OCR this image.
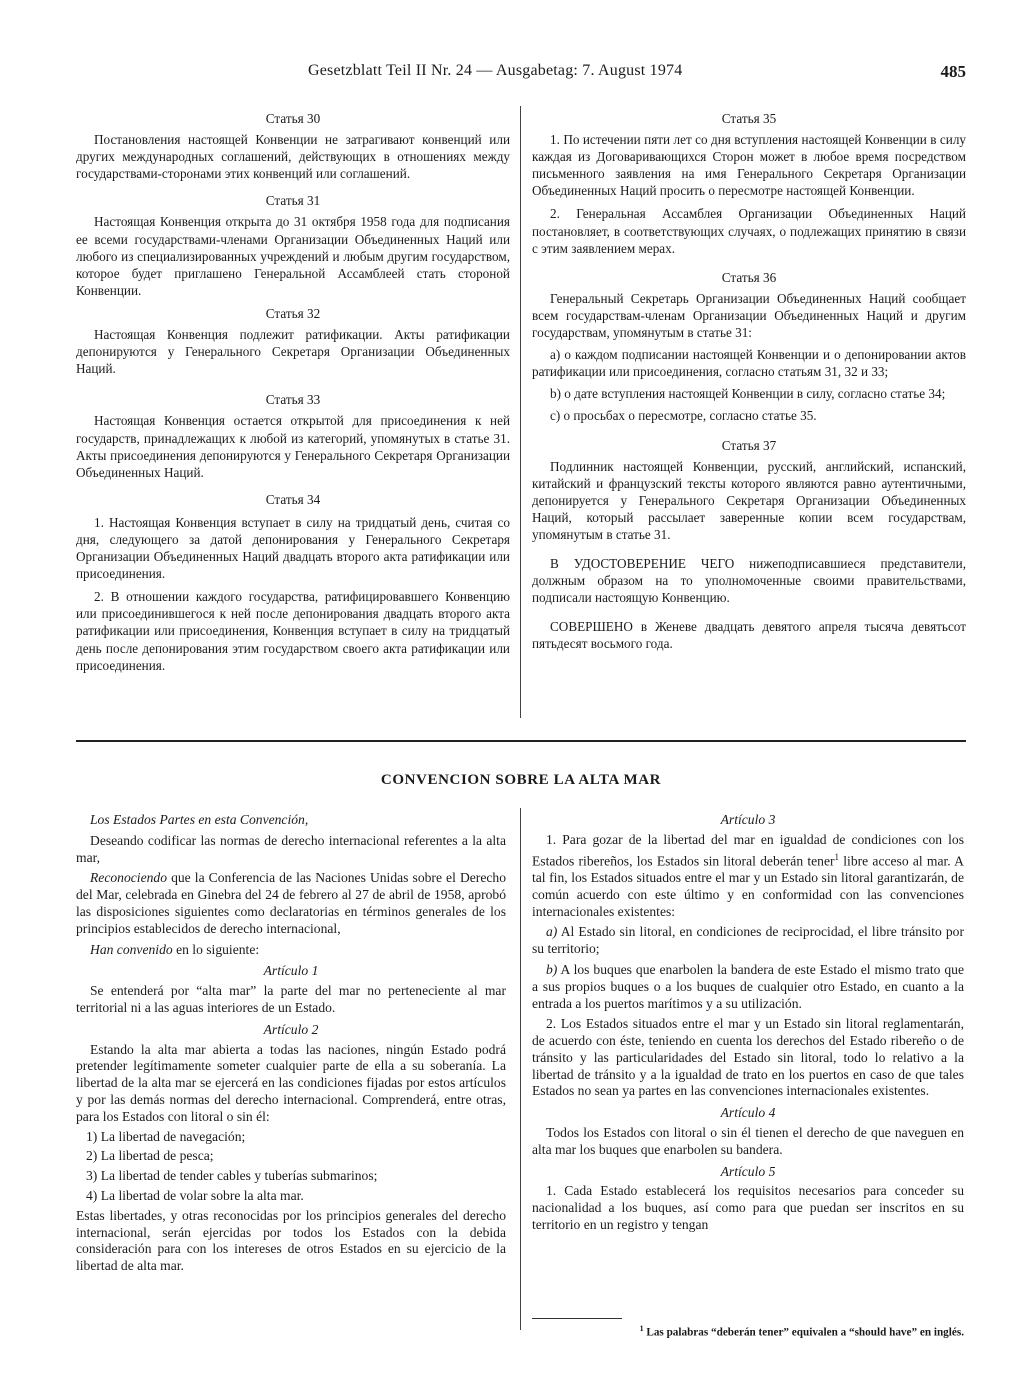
Gesetzblatt Teil II Nr. 24 — Ausgabetag: 7. August 1974	485

Статья 30

Постановления настоящей Конвенции не затрагивают конвенций или других международных соглашений, действующих в отношениях между государствами-сторонами этих конвенций или соглашений.

Статья 31

Настоящая Конвенция открыта до 31 октября 1958 года для подписания ее всеми государствами-членами Организации Объединенных Наций или любого из специализированных учреждений и любым другим государством, которое будет приглашено Генеральной Ассамблеей стать стороной Конвенции.

Статья 32

Настоящая Конвенция подлежит ратификации. Акты ратификации депонируются у Генерального Секретаря Организации Объединенных Наций.

Статья 33

Настоящая Конвенция остается открытой для присоединения к ней государств, принадлежащих к любой из категорий, упомянутых в статье 31. Акты присоединения депонируются у Генерального Секретаря Организации Объединенных Наций.

Статья 34

1. Настоящая Конвенция вступает в силу на тридцатый день, считая со дня, следующего за датой депонирования у Генерального Секретаря Организации Объединенных Наций двадцать второго акта ратификации или присоединения.

2. В отношении каждого государства, ратифицировавшего Конвенцию или присоединившегося к ней после депонирования двадцать второго акта ратификации или присоединения, Конвенция вступает в силу на тридцатый день после депонирования этим государством своего акта ратификации или присоединения.

Статья 35

1. По истечении пяти лет со дня вступления настоящей Конвенции в силу каждая из Договаривающихся Сторон может в любое время посредством письменного заявления на имя Генерального Секретаря Организации Объединенных Наций просить о пересмотре настоящей Конвенции.

2. Генеральная Ассамблея Организации Объединенных Наций постановляет, в соответствующих случаях, о подлежащих принятию в связи с этим заявлением мерах.

Статья 36

Генеральный Секретарь Организации Объединенных Наций сообщает всем государствам-членам Организации Объединенных Наций и другим государствам, упомянутым в статье 31:

a) о каждом подписании настоящей Конвенции и о депонировании актов ратификации или присоединения, согласно статьям 31, 32 и 33;

b) о дате вступления настоящей Конвенции в силу, согласно статье 34;

c) о просьбах о пересмотре, согласно статье 35.

Статья 37

Подлинник настоящей Конвенции, русский, английский, испанский, китайский и французский тексты которого являются равно аутентичными, депонируется у Генерального Секретаря Организации Объединенных Наций, который рассылает заверенные копии всем государствам, упомянутым в статье 31.

В УДОСТОВЕРЕНИЕ ЧЕГО нижеподписавшиеся представители, должным образом на то уполномоченные своими правительствами, подписали настоящую Конвенцию.

СОВЕРШЕНО в Женеве двадцать девятого апреля тысяча девятьсот пятьдесят восьмого года.

CONVENCION SOBRE LA ALTA MAR

Los Estados Partes en esta Convención,

Deseando codificar las normas de derecho internacional referentes a la alta mar,

Reconociendo que la Conferencia de las Naciones Unidas sobre el Derecho del Mar, celebrada en Ginebra del 24 de febrero al 27 de abril de 1958, aprobó las disposiciones siguientes como declaratorias en términos generales de los principios establecidos de derecho internacional,

Han convenido en lo siguiente:

Artículo 1

Se entenderá por “alta mar” la parte del mar no perteneciente al mar territorial ni a las aguas interiores de un Estado.

Artículo 2

Estando la alta mar abierta a todas las naciones, ningún Estado podrá pretender legítimamente someter cualquier parte de ella a su soberanía. La libertad de la alta mar se ejercerá en las condiciones fijadas por estos artículos y por las demás normas del derecho internacional. Comprenderá, entre otras, para los Estados con litoral o sin él:

1) La libertad de navegación;

2) La libertad de pesca;

3) La libertad de tender cables y tuberías submarinos;

4) La libertad de volar sobre la alta mar.

Estas libertades, y otras reconocidas por los principios generales del derecho internacional, serán ejercidas por todos los Estados con la debida consideración para con los intereses de otros Estados en su ejercicio de la libertad de alta mar.

Artículo 3

1. Para gozar de la libertad del mar en igualdad de condiciones con los Estados ribereños, los Estados sin litoral deberán tener$^1$ libre acceso al mar. A tal fin, los Estados situados entre el mar y un Estado sin litoral garantizarán, de común acuerdo con este último y en conformidad con las convenciones internacionales existentes:

a) Al Estado sin litoral, en condiciones de reciprocidad, el libre tránsito por su territorio;

b) A los buques que enarbolen la bandera de este Estado el mismo trato que a sus propios buques o a los buques de cualquier otro Estado, en cuanto a la entrada a los puertos marítimos y a su utilización.

2. Los Estados situados entre el mar y un Estado sin litoral reglamentarán, de acuerdo con éste, teniendo en cuenta los derechos del Estado ribereño o de tránsito y las particularidades del Estado sin litoral, todo lo relativo a la libertad de tránsito y a la igualdad de trato en los puertos en caso de que tales Estados no sean ya partes en las convenciones internacionales existentes.

Artículo 4

Todos los Estados con litoral o sin él tienen el derecho de que naveguen en alta mar los buques que enarbolen su bandera.

Artículo 5

1. Cada Estado establecerá los requisitos necesarios para conceder su nacionalidad a los buques, así como para que puedan ser inscritos en su territorio en un registro y tengan

$^1$ Las palabras “deberán tener” equivalen a “should have” en inglés.
